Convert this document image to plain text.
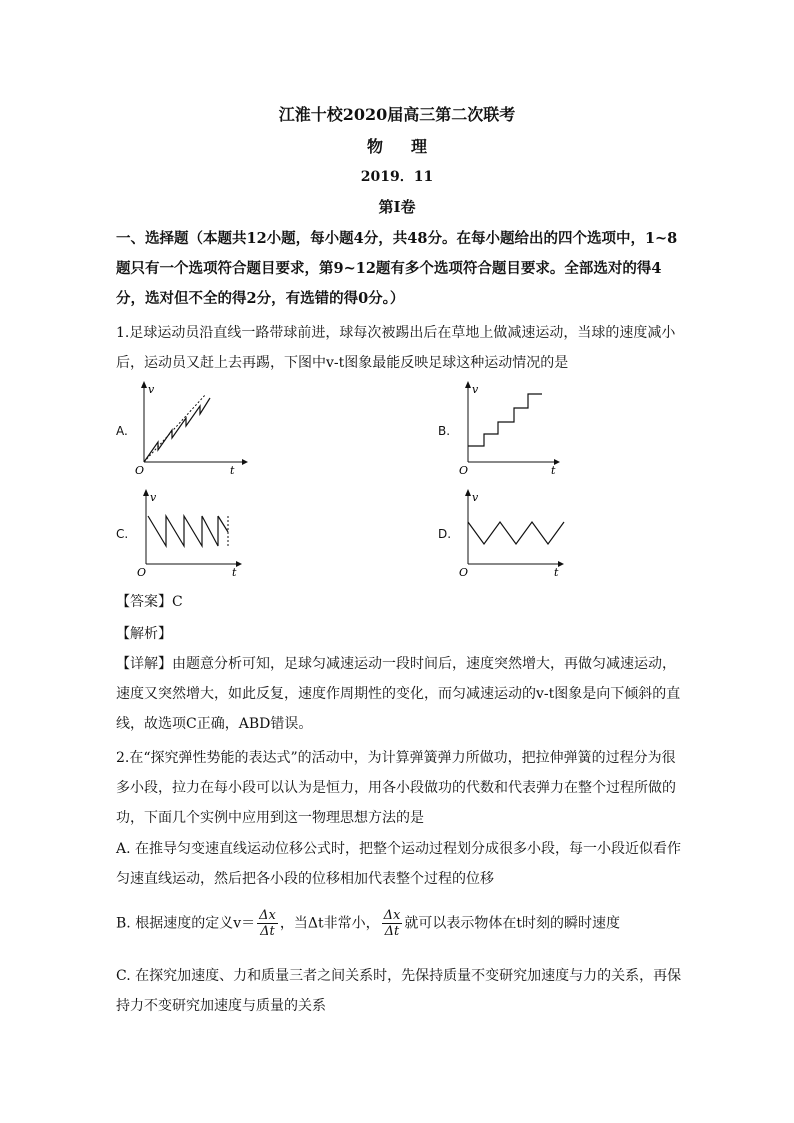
江淮十校2020届高三第二次联考
物理
2019．11
第Ⅰ卷
一、选择题（本题共12小题，每小题4分，共48分。在每小题给出的四个选项中，1~8题只有一个选项符合题目要求，第9~12题有多个选项符合题目要求。全部选对的得4分，选对但不全的得2分，有选错的得0分。）
1.足球运动员沿直线一路带球前进，球每次被踢出后在草地上做减速运动，当球的速度减小后，运动员又赶上去再踢，下图中v-t图象最能反映足球这种运动情况的是
A.
v
t
O
B.
v
t
O
C.
v
t
O
D.
v
t
O
【答案】C
【解析】
【详解】由题意分析可知，足球匀减速运动一段时间后，速度突然增大，再做匀减速运动，速度又突然增大，如此反复，速度作周期性的变化，而匀减速运动的v-t图象是向下倾斜的直线，故选项C正确，ABD错误。
2.在“探究弹性势能的表达式”的活动中，为计算弹簧弹力所做功，把拉伸弹簧的过程分为很多小段，拉力在每小段可以认为是恒力，用各小段做功的代数和代表弹力在整个过程所做的功，下面几个实例中应用到这一物理思想方法的是
A. 在推导匀变速直线运动位移公式时，把整个运动过程划分成很多小段，每一小段近似看作匀速直线运动，然后把各小段的位移相加代表整个过程的位移
B. 根据速度的定义$v= \frac{\Delta x}{\Delta t}$ ，当Δt非常小， $\frac{\Delta x}{\Delta t}$ 就可以表示物体在t时刻的瞬时速度
C. 在探究加速度、力和质量三者之间关系时，先保持质量不变研究加速度与力的关系，再保持力不变研究加速度与质量的关系
